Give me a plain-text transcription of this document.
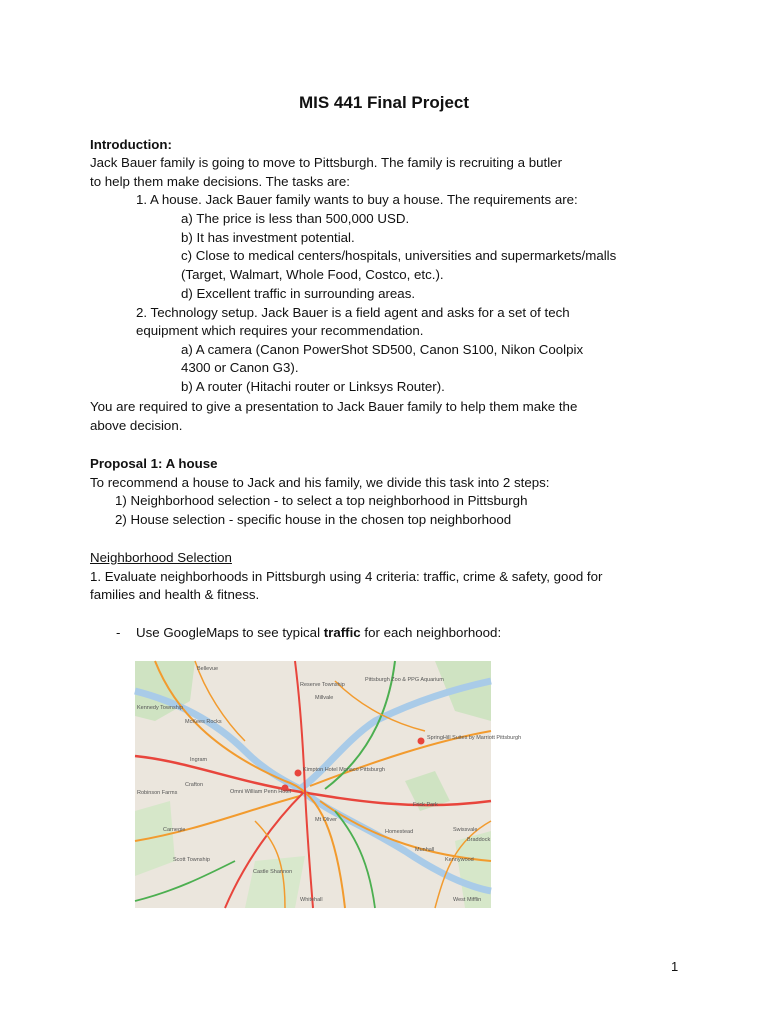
MIS 441 Final Project
Introduction:
Jack Bauer family is going to move to Pittsburgh. The family is recruiting a butler
to help them make decisions. The tasks are:
1. A house. Jack Bauer family wants to buy a house. The requirements are:
a) The price is less than 500,000 USD.
b) It has investment potential.
c) Close to medical centers/hospitals, universities and supermarkets/malls
(Target, Walmart, Whole Food, Costco, etc.).
d) Excellent traffic in surrounding areas.
2. Technology setup. Jack Bauer is a field agent and asks for a set of tech
equipment which requires your recommendation.
a) A camera (Canon PowerShot SD500, Canon S100, Nikon Coolpix
4300 or Canon G3).
b) A router (Hitachi router or Linksys Router).
You are required to give a presentation to Jack Bauer family to help them make the
above decision.
Proposal 1: A house
To recommend a house to Jack and his family, we divide this task into 2 steps:
1) Neighborhood selection - to select a top neighborhood in Pittsburgh
2) House selection - specific house in the chosen top neighborhood
Neighborhood Selection
1. Evaluate neighborhoods in Pittsburgh using 4 criteria: traffic, crime & safety, good for
families and health & fitness.
- Use GoogleMaps to see typical traffic for each neighborhood:
Bellevue
Reserve Township
Millvale
Pittsburgh Zoo & PPG Aquarium
Kennedy Township
McKees Rocks
Ingram
Crafton
Robinson Farms
Carnegie
Scott Township
Kimpton Hotel Monaco Pittsburgh
Omni William Penn Hotel
SpringHill Suites by Marriott Pittsburgh
Frick Park
Mt Oliver
Munhall
Kennywood
Homestead	Swissvale
Whitehall
Castle Shannon
West Mifflin
Braddock
1
